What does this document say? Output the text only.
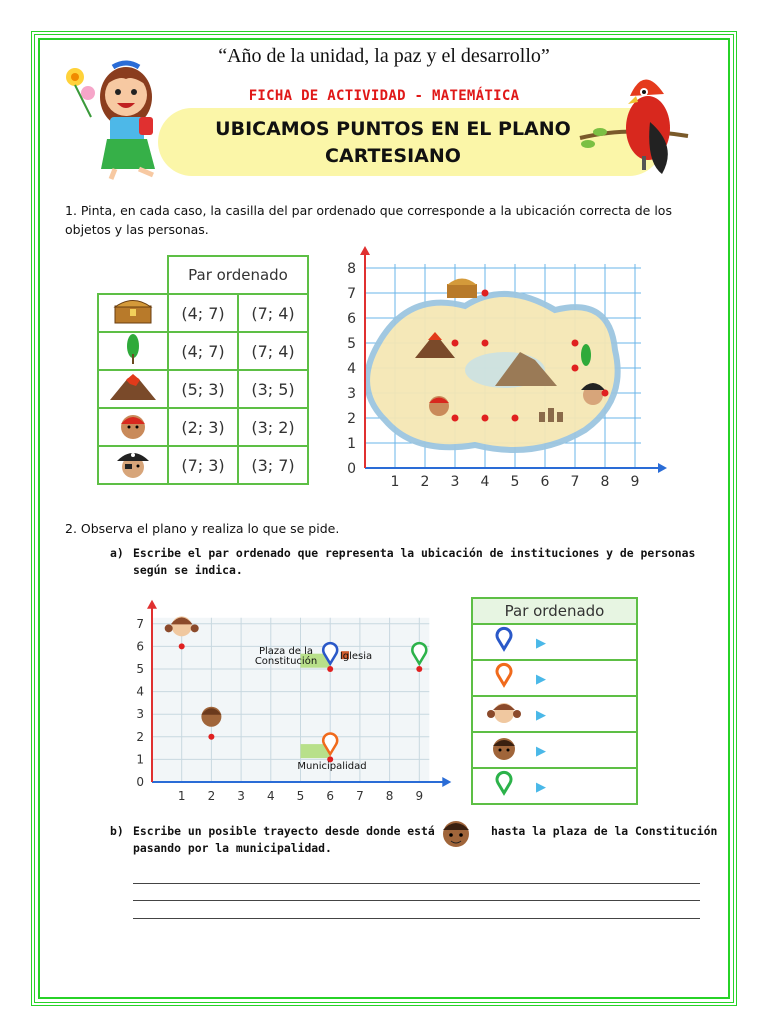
“Año de la unidad, la paz y el desarrollo”
FICHA DE ACTIVIDAD - MATEMÁTICA
UBICAMOS PUNTOS EN EL PLANO
CARTESIANO
1. Pinta, en cada caso, la casilla del par ordenado que corresponde a la ubicación correcta de los objetos y las personas.
	Par ordenado	
	(4; 7)	(7; 4)
	(4; 7)	(7; 4)
	(5; 3)	(3; 5)
	(2; 3)	(3; 2)
	(7; 3)	(3; 7)
1 2 3 4 5 6 7 8 9
0
1
2
3
4
5
6
7
8
2. Observa el plano y realiza lo que se pide.
a) Escribe el par ordenado que representa la ubicación de instituciones y de personas según se indica.
1 2 3 4 5 6 7 8 9
0
1
2
3
4
5
6
7
Plaza de la
Constitución	Iglesia
Municipalidad
Par ordenado	
	▶
	▶
	▶
	▶
	▶
b) Escribe un posible trayecto desde donde está	hasta la plaza de la Constitución
pasando por la municipalidad.
